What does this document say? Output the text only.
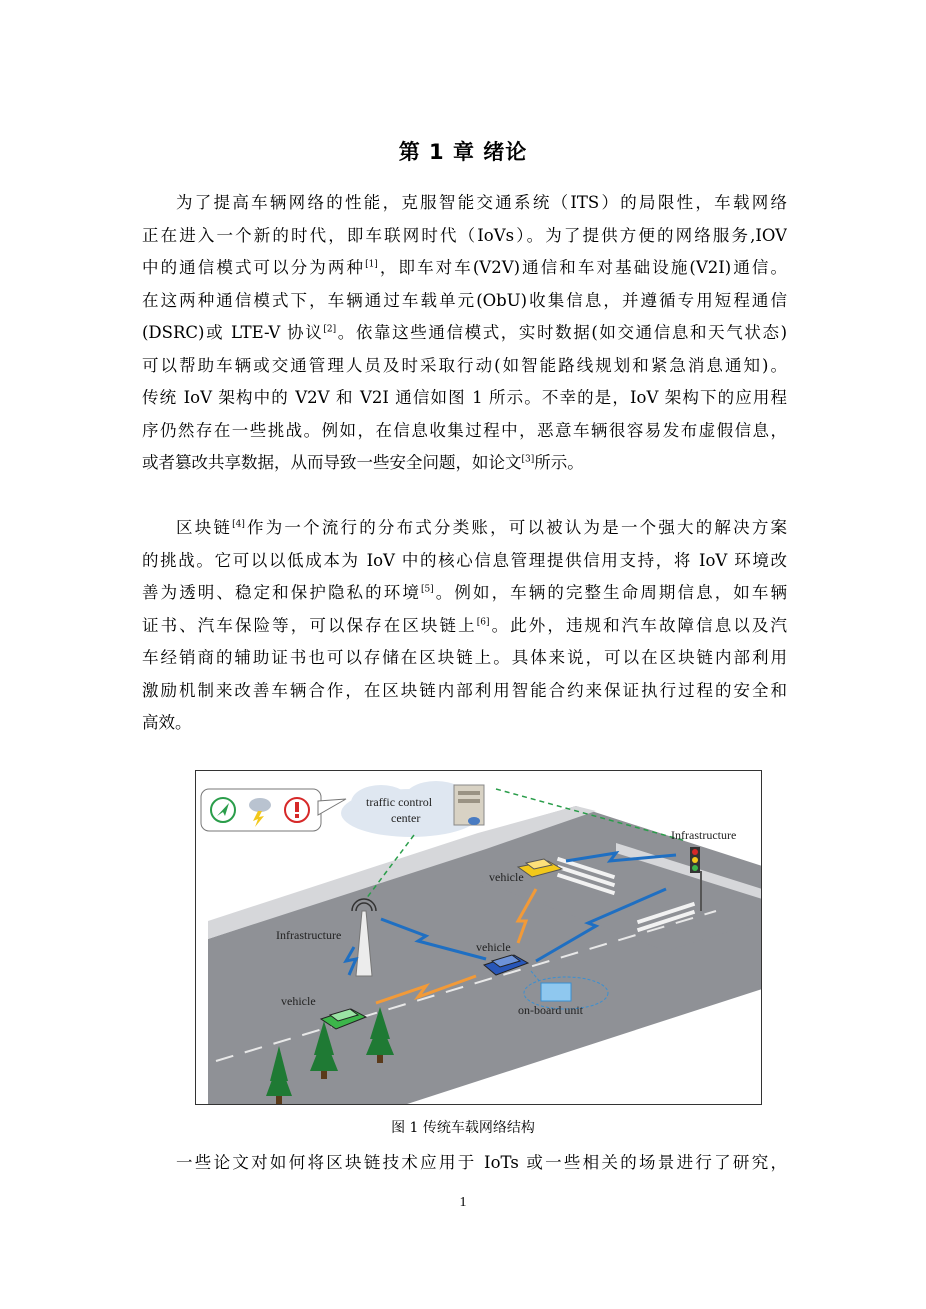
第 1 章 绪论
为了提高车辆网络的性能，克服智能交通系统（ITS）的局限性，车载网络
正在进入一个新的时代，即车联网时代（IoVs）。为了提供方便的网络服务,IOV
中的通信模式可以分为两种[1]，即车对车(V2V)通信和车对基础设施(V2I)通信。
在这两种通信模式下，车辆通过车载单元(ObU)收集信息，并遵循专用短程通信
(DSRC)或 LTE-V 协议[2]。依靠这些通信模式，实时数据(如交通信息和天气状态)
可以帮助车辆或交通管理人员及时采取行动(如智能路线规划和紧急消息通知)。
传统 IoV 架构中的 V2V 和 V2I 通信如图 1 所示。不幸的是，IoV 架构下的应用程
序仍然存在一些挑战。例如，在信息收集过程中，恶意车辆很容易发布虚假信息，
或者篡改共享数据，从而导致一些安全问题，如论文[3]所示。
区块链[4]作为一个流行的分布式分类账，可以被认为是一个强大的解决方案
的挑战。它可以以低成本为 IoV 中的核心信息管理提供信用支持，将 IoV 环境改
善为透明、稳定和保护隐私的环境[5]。例如，车辆的完整生命周期信息，如车辆
证书、汽车保险等，可以保存在区块链上[6]。此外，违规和汽车故障信息以及汽
车经销商的辅助证书也可以存储在区块链上。具体来说，可以在区块链内部利用
激励机制来改善车辆合作，在区块链内部利用智能合约来保证执行过程的安全和
高效。
traffic control
center
Infrastructure
Infrastructure
vehicle
vehicle
vehicle
on-board unit
图 1 传统车载网络结构
一些论文对如何将区块链技术应用于 IoTs 或一些相关的场景进行了研究，
1
